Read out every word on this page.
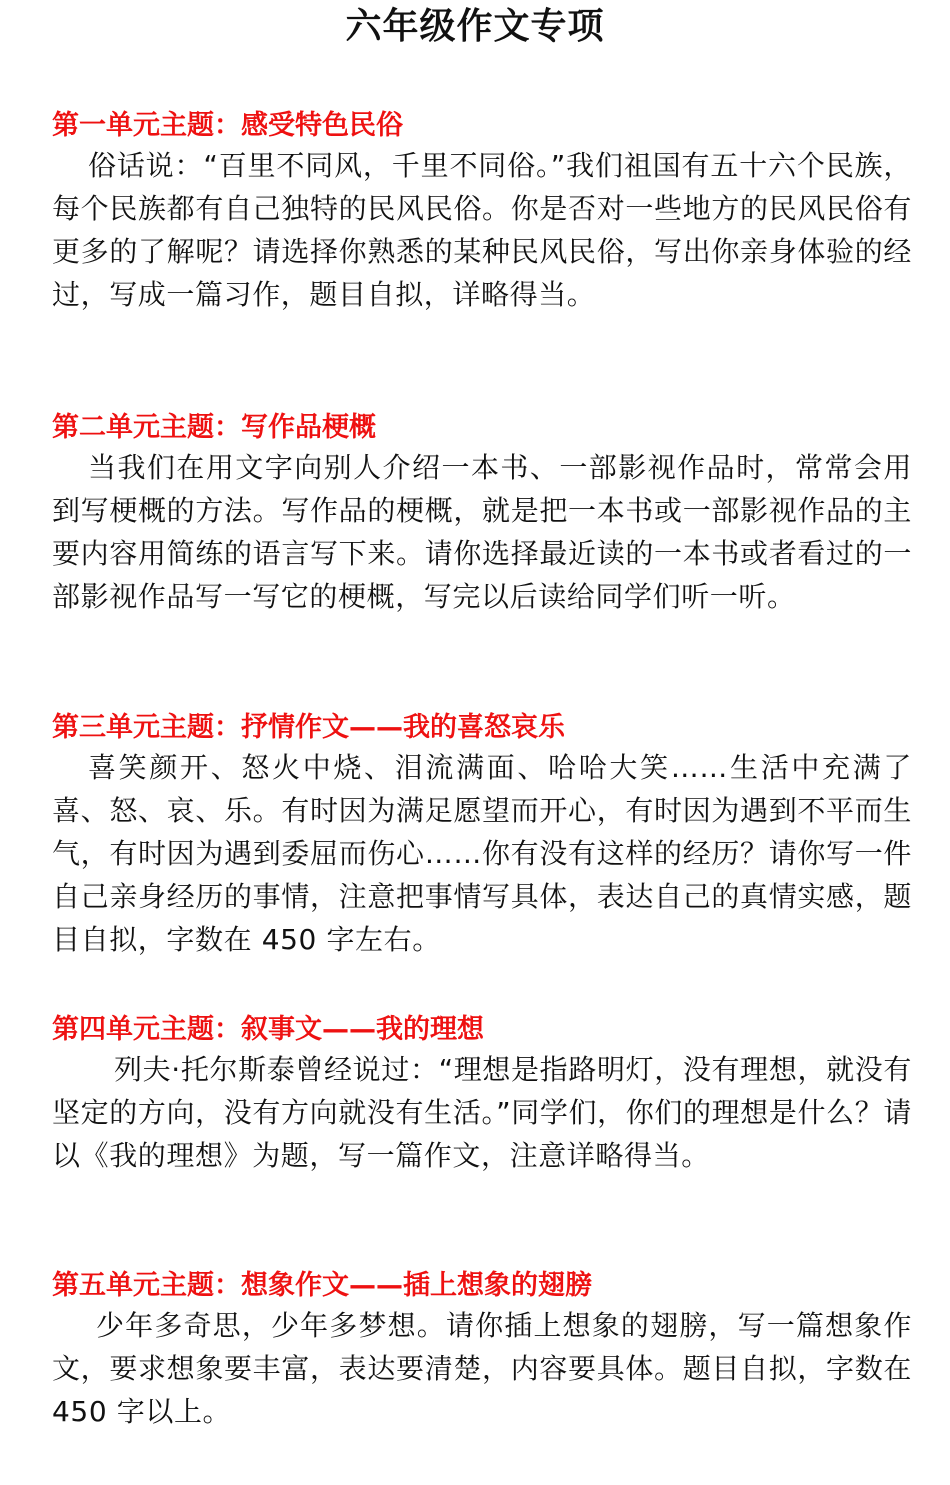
六年级作文专项
第一单元主题：感受特色民俗

俗话说：“百里不同风，千里不同俗。”我们祖国有五十六个民族，每个民族都有自己独特的民风民俗。你是否对一些地方的民风民俗有更多的了解呢？请选择你熟悉的某种民风民俗，写出你亲身体验的经过，写成一篇习作，题目自拟，详略得当。

第二单元主题：写作品梗概

当我们在用文字向别人介绍一本书、一部影视作品时，常常会用到写梗概的方法。写作品的梗概，就是把一本书或一部影视作品的主要内容用简练的语言写下来。请你选择最近读的一本书或者看过的一部影视作品写一写它的梗概，写完以后读给同学们听一听。

第三单元主题：抒情作文——我的喜怒哀乐

喜笑颜开、怒火中烧、泪流满面、哈哈大笑……生活中充满了喜、怒、哀、乐。有时因为满足愿望而开心，有时因为遇到不平而生气，有时因为遇到委屈而伤心……你有没有这样的经历？请你写一件自己亲身经历的事情，注意把事情写具体，表达自己的真情实感，题目自拟，字数在 450 字左右。

第四单元主题：叙事文——我的理想

列夫·托尔斯泰曾经说过：“理想是指路明灯，没有理想，就没有坚定的方向，没有方向就没有生活。”同学们，你们的理想是什么？请以《我的理想》为题，写一篇作文，注意详略得当。

第五单元主题：想象作文——插上想象的翅膀

少年多奇思，少年多梦想。请你插上想象的翅膀，写一篇想象作文，要求想象要丰富，表达要清楚，内容要具体。题目自拟，字数在 450 字以上。
